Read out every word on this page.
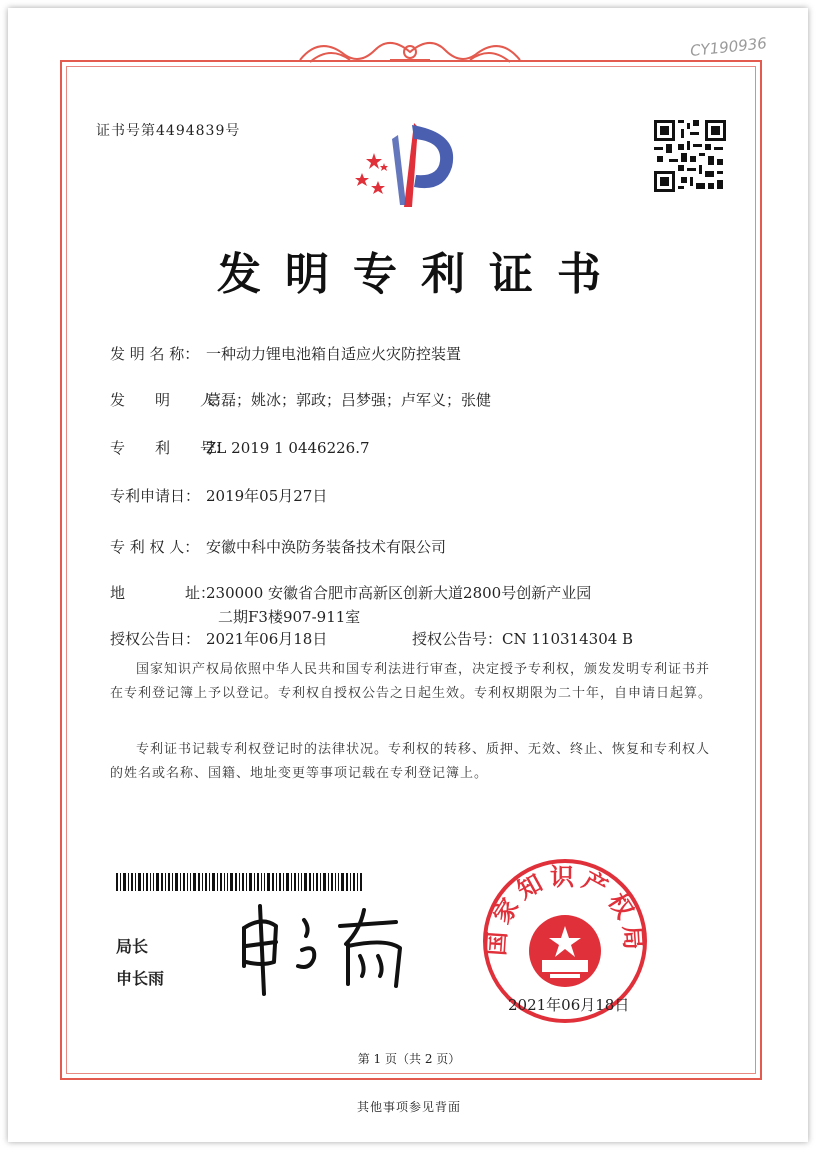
CY190936
证书号第4494839号
发明专利证书
发 明 名 称： 一种动力锂电池箱自适应火灾防控装置
发　　明　　人：葛磊；姚冰；郭政；吕梦强；卢军义；张健
专　　利　　号：ZL 2019 1 0446226.7
专利申请日： 2019年05月27日
专 利 权 人： 安徽中科中涣防务装备技术有限公司
地　　　　址：230000 安徽省合肥市高新区创新大道2800号创新产业园
二期F3楼907-911室
授权公告日： 2021年06月18日	授权公告号：CN 110314304 B
国家知识产权局依照中华人民共和国专利法进行审查，决定授予专利权，颁发发明专利证书并在专利登记簿上予以登记。专利权自授权公告之日起生效。专利权期限为二十年，自申请日起算。
专利证书记载专利权登记时的法律状况。专利权的转移、质押、无效、终止、恢复和专利权人的姓名或名称、国籍、地址变更等事项记载在专利登记簿上。
局长
申长雨
国家知识产权局
2021年06月18日
第 1 页（共 2 页）
其他事项参见背面
